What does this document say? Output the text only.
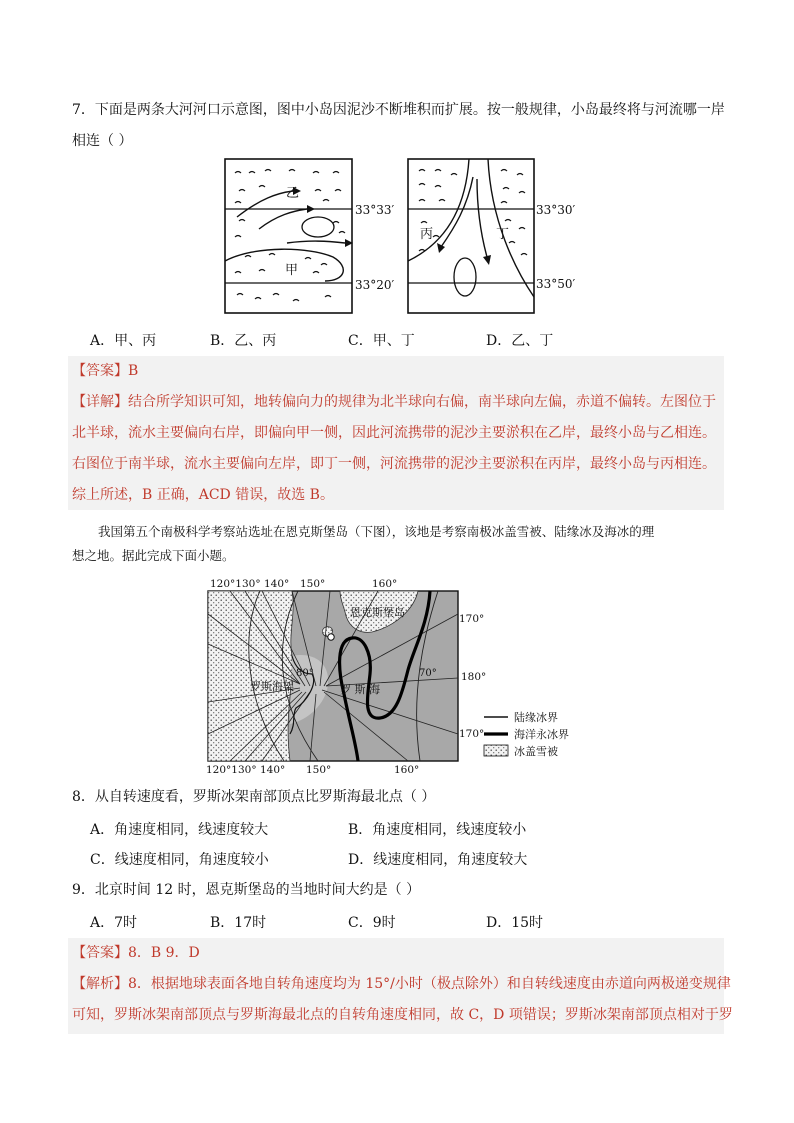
7．下面是两条大河河口示意图，图中小岛因泥沙不断堆积而扩展。按一般规律，小岛最终将与河流哪一岸
相连（ ）
乙
甲
33°33′
33°20′
丙	丁
33°30′
33°50′
A．甲、丙	B．乙、丙	C．甲、丁	D．乙、丁
【答案】B
【详解】结合所学知识可知，地转偏向力的规律为北半球向右偏，南半球向左偏，赤道不偏转。左图位于
北半球，流水主要偏向右岸，即偏向甲一侧，因此河流携带的泥沙主要淤积在乙岸，最终小岛与乙相连。
右图位于南半球，流水主要偏向左岸，即丁一侧，河流携带的泥沙主要淤积在丙岸，最终小岛与丙相连。
综上所述，B 正确，ACD 错误，故选 B。
我国第五个南极科学考察站选址在恩克斯堡岛（下图），该地是考察南极冰盖雪被、陆缘冰及海冰的理
想之地。据此完成下面小题。
120°130° 140° 150°	160°
120°130° 140° 150°	160°
170°
180°
170°
恩克斯堡岛
罗斯海架	罗 斯 海
80°	70°
陆缘冰界
海洋永冰界
冰盖雪被
8．从自转速度看，罗斯冰架南部顶点比罗斯海最北点（ ）
A．角速度相同，线速度较大	B．角速度相同，线速度较小
C．线速度相同，角速度较小	D．线速度相同，角速度较大
9．北京时间 12 时，恩克斯堡岛的当地时间大约是（ ）
A．7时	B．17时	C．9时	D．15时
【答案】8．B 9．D
【解析】8．根据地球表面各地自转角速度均为 15°/小时（极点除外）和自转线速度由赤道向两极递变规律
可知，罗斯冰架南部顶点与罗斯海最北点的自转角速度相同，故 C，D 项错误；罗斯冰架南部顶点相对于罗
